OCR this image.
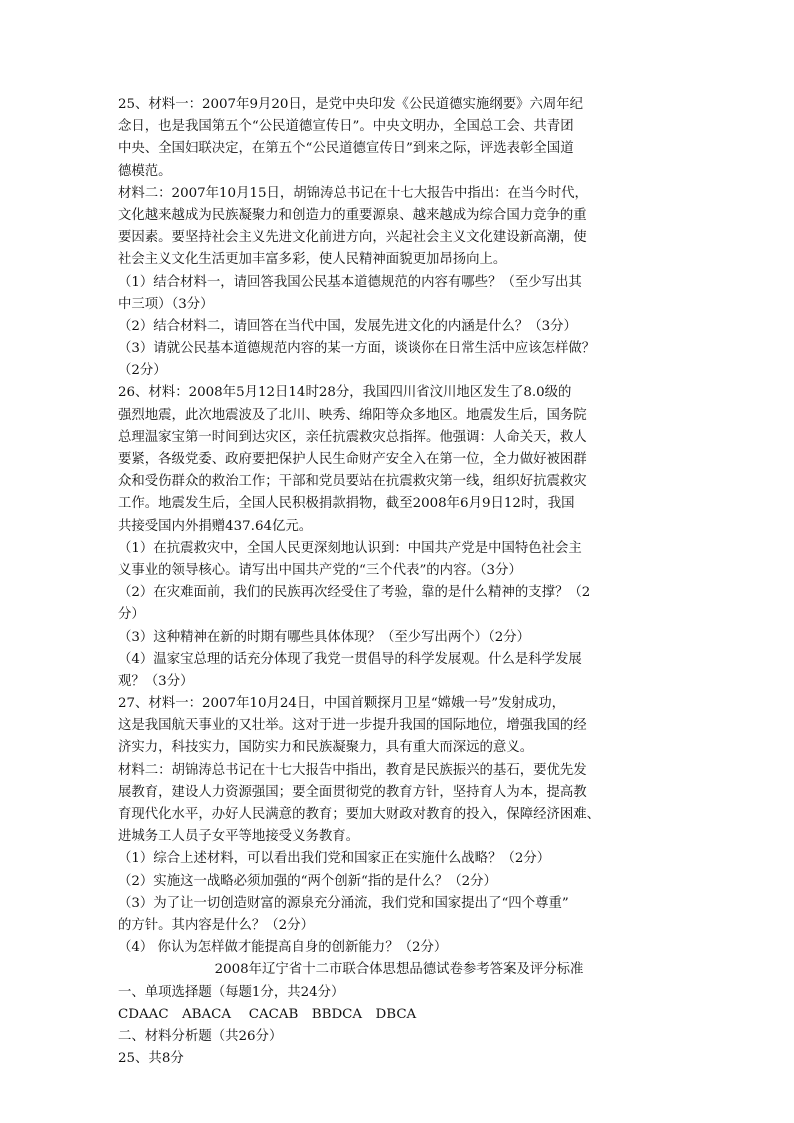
25、材料一：2007年9月20日，是党中央印发《公民道德实施纲要》六周年纪
念日，也是我国第五个“公民道德宣传日”。中央文明办，全国总工会、共青团
中央、全国妇联决定，在第五个“公民道德宣传日”到来之际，评选表彰全国道
德模范。
材料二：2007年10月15日，胡锦涛总书记在十七大报告中指出：在当今时代，
文化越来越成为民族凝聚力和创造力的重要源泉、越来越成为综合国力竞争的重
要因素。要坚持社会主义先进文化前进方向，兴起社会主义文化建设新高潮，使
社会主义文化生活更加丰富多彩，使人民精神面貌更加昂扬向上。
（1）结合材料一，请回答我国公民基本道德规范的内容有哪些？（至少写出其
中三项）（3分）
（2）结合材料二，请回答在当代中国，发展先进文化的内涵是什么？（3分）
（3）请就公民基本道德规范内容的某一方面，谈谈你在日常生活中应该怎样做？
（2分）
26、材料：2008年5月12日14时28分，我国四川省汶川地区发生了8.0级的
强烈地震，此次地震波及了北川、映秀、绵阳等众多地区。地震发生后，国务院
总理温家宝第一时间到达灾区，亲任抗震救灾总指挥。他强调：人命关天，救人
要紧，各级党委、政府要把保护人民生命财产安全入在第一位，全力做好被困群
众和受伤群众的救治工作；干部和党员要站在抗震救灾第一线，组织好抗震救灾
工作。地震发生后，全国人民积极捐款捐物，截至2008年6月9日12时，我国
共接受国内外捐赠437.64亿元。
（1）在抗震救灾中，全国人民更深刻地认识到：中国共产党是中国特色社会主
义事业的领导核心。请写出中国共产党的“三个代表”的内容。（3分）
（2）在灾难面前，我们的民族再次经受住了考验，靠的是什么精神的支撑？（2
分）
（3）这种精神在新的时期有哪些具体体现？（至少写出两个）（2分）
（4）温家宝总理的话充分体现了我党一贯倡导的科学发展观。什么是科学发展
观？（3分）
27、材料一：2007年10月24日，中国首颗探月卫星“嫦娥一号”发射成功，
这是我国航天事业的又壮举。这对于进一步提升我国的国际地位，增强我国的经
济实力，科技实力，国防实力和民族凝聚力，具有重大而深远的意义。
材料二：胡锦涛总书记在十七大报告中指出，教育是民族振兴的基石，要优先发
展教育，建设人力资源强国；要全面贯彻党的教育方针，坚持育人为本，提高教
育现代化水平，办好人民满意的教育；要加大财政对教育的投入，保障经济困难、
进城务工人员子女平等地接受义务教育。
（1）综合上述材料，可以看出我们党和国家正在实施什么战略？（2分）
（2）实施这一战略必须加强的“两个创新“指的是什么？（2分）
（3）为了让一切创造财富的源泉充分涌流，我们党和国家提出了“四个尊重”
的方针。其内容是什么？（2分）
（4） 你认为怎样做才能提高自身的创新能力？（2分）
2008年辽宁省十二市联合体思想品德试卷参考答案及评分标准
一、单项选择题（每题1分，共24分）
CDAAC　ABACA　 CACAB　BBDCA　DBCA
二、材料分析题（共26分）
25、共8分
